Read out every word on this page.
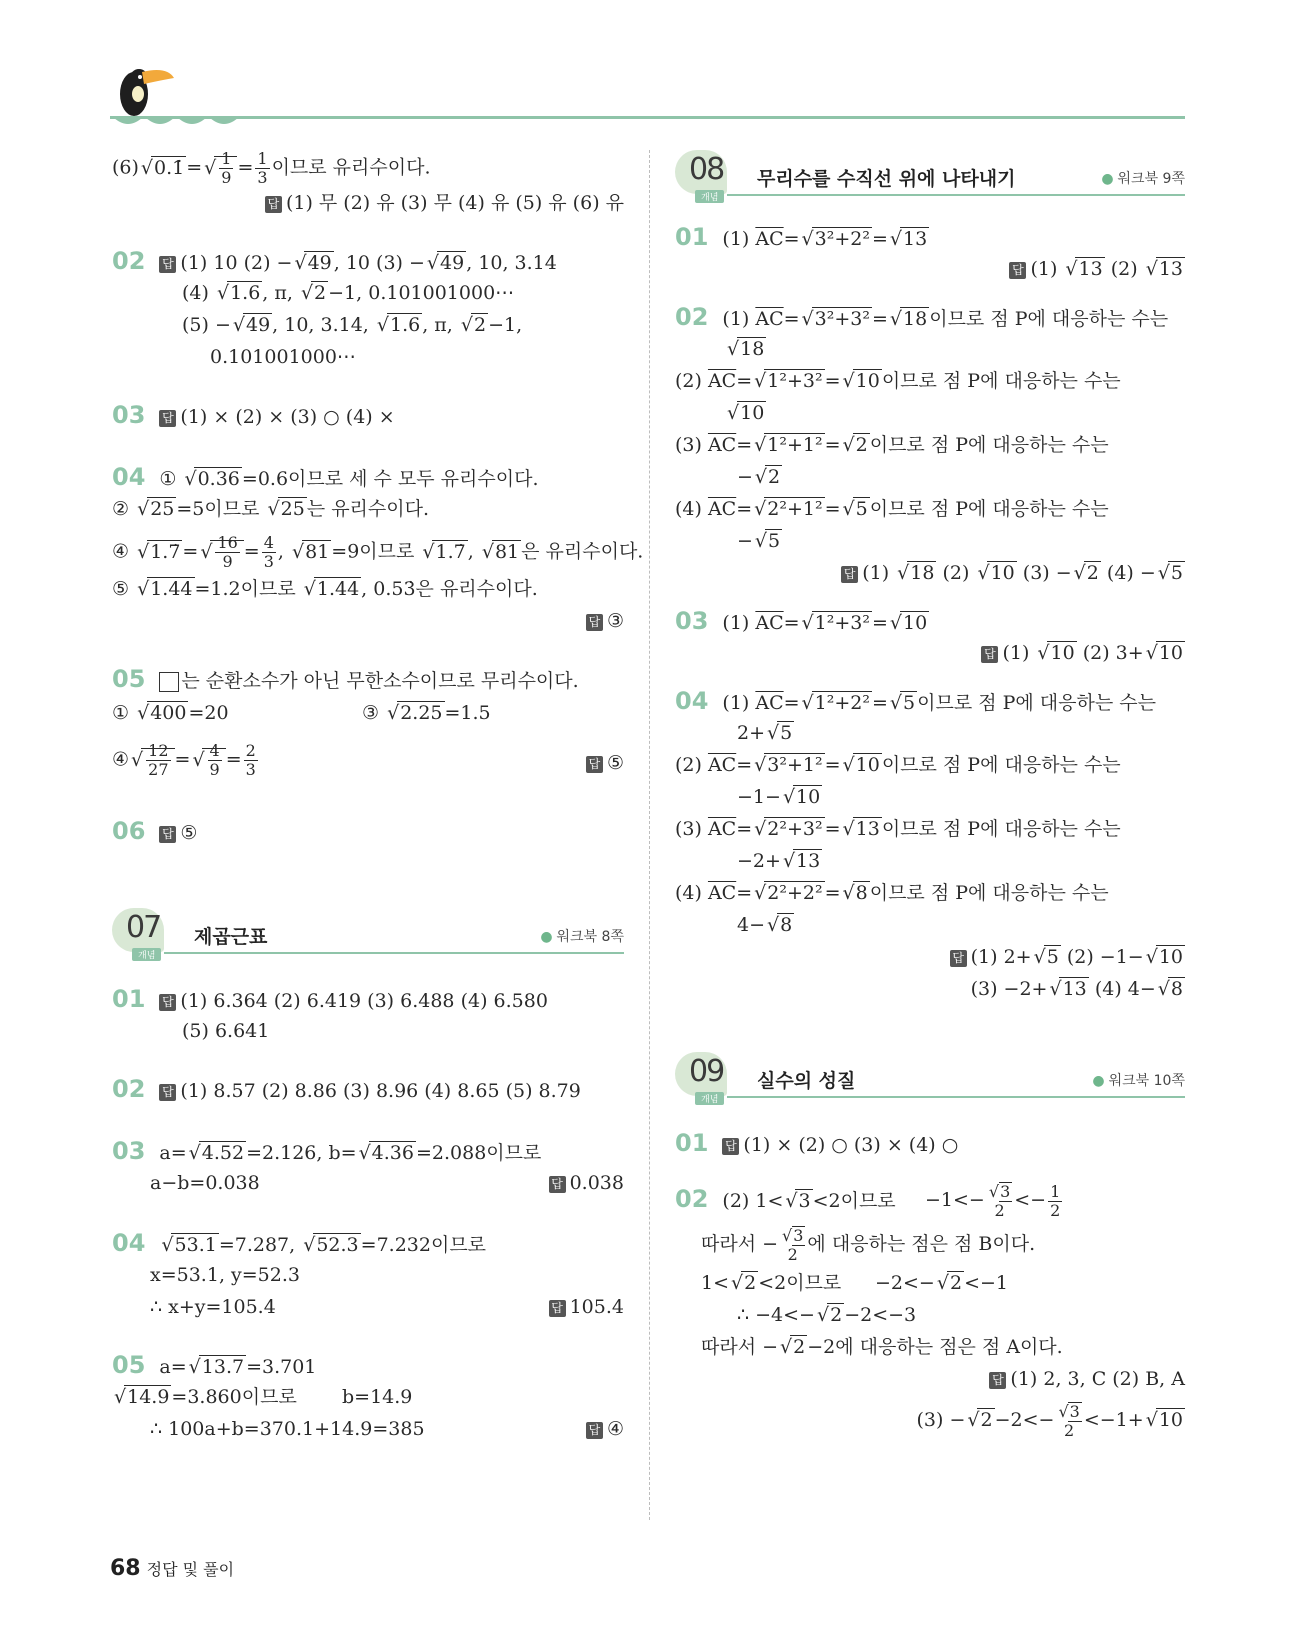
(6) √ 0.1̇ = √ $\frac{1}{9} = \frac{1}{3}$ 이므로 유리수이다.
답 (1) 무 (2) 유 (3) 무 (4) 유 (5) 유 (6) 유
02 답 (1) 10 (2) − √ 49 , 10 (3) − √ 49 , 10, 3.14̇
(4) √ 1.6 , π, √ 2 −1, 0.101001000⋯
(5) − √ 49 , 10, 3.14̇, √ 1.6 , π, √ 2 −1,
0.101001000⋯
03 답 (1) × (2) × (3) ○ (4) ×
04 ① √ 0.36 =0.6이므로 세 수 모두 유리수이다.
② √ 25 =5이므로 √ 25 는 유리수이다.
④ √ 1.7̇ = √ $\frac{16}{9} = \frac{4}{3}$ , √ 81 =9이므로 √ 1.7̇ , √ 81 은 유리수이다.
⑤ √ 1.44 =1.2이므로 √ 1.44 , 0.53̇은 유리수이다.
답 ③
05 는 순환소수가 아닌 무한소수이므로 무리수이다.
① √ 400 =20	③ √ 2.25 =1.5
④ √ $\frac{12}{27}$ = √ $\frac{4}{9} = \frac{2}{3}$	답 ⑤
06 답 ⑤
07
개념
제곱근표	● 워크북 8쪽
01 답 (1) 6.364 (2) 6.419 (3) 6.488 (4) 6.580
(5) 6.641
02 답 (1) 8.57 (2) 8.86 (3) 8.96 (4) 8.65 (5) 8.79
03 a= √ 4.52 =2.126, b= √ 4.36 =2.088이므로
a−b=0.038	답 0.038
04 √ 53.1 =7.287, √ 52.3 =7.232이므로
x=53.1, y=52.3
∴ x+y=105.4	답 105.4
05 a= √ 13.7 =3.701
√ 14.9 =3.860이므로 b=14.9
∴ 100a+b=370.1+14.9=385	답 ④
08
개념
무리수를 수직선 위에 나타내기	● 워크북 9쪽
01 (1) $\overline{AC}=$ √ 3²+2² = √ 13
답 (1) √ 13 (2) √ 13
02 (1) $\overline{AC}=$ √ 3²+3² = √ 18 이므로 점 P에 대응하는 수는
√ 18
(2) $\overline{AC}=$ √ 1²+3² = √ 10 이므로 점 P에 대응하는 수는
√ 10
(3) $\overline{AC}=$ √ 1²+1² = √ 2 이므로 점 P에 대응하는 수는
− √ 2
(4) $\overline{AC}=$ √ 2²+1² = √ 5 이므로 점 P에 대응하는 수는
− √ 5
답 (1) √ 18 (2) √ 10 (3) − √ 2 (4) − √ 5
03 (1) $\overline{AC}=$ √ 1²+3² = √ 10
답 (1) √ 10 (2) 3+ √ 10
04 (1) $\overline{AC}=$ √ 1²+2² = √ 5 이므로 점 P에 대응하는 수는
2+ √ 5
(2) $\overline{AC}=$ √ 3²+1² = √ 10 이므로 점 P에 대응하는 수는
−1− √ 10
(3) $\overline{AC}=$ √ 2²+3² = √ 13 이므로 점 P에 대응하는 수는
−2+ √ 13
(4) $\overline{AC}=$ √ 2²+2² = √ 8 이므로 점 P에 대응하는 수는
4− √ 8
답 (1) 2+ √ 5 (2) −1− √ 10
(3) −2+ √ 13 (4) 4− √ 8
09
개념
실수의 성질	● 워크북 10쪽
01 답 (1) × (2) ○ (3) × (4) ○
02 (2) 1< √ 3 <2이므로 −1<− √ $\frac{3}{2} <- \frac{1}{2}$
따라서 − √ $\frac{3}{2}$ 에 대응하는 점은 점 B이다.
1< √ 2 <2이므로 −2<− √ 2 <−1
∴ −4<− √ 2 −2<−3
따라서 − √ 2 −2에 대응하는 점은 점 A이다.
답 (1) 2, 3, C (2) B, A
(3) − √ 2 −2<− √ $\frac{3}{2} <-1+$ √ 10
68 정답 및 풀이
